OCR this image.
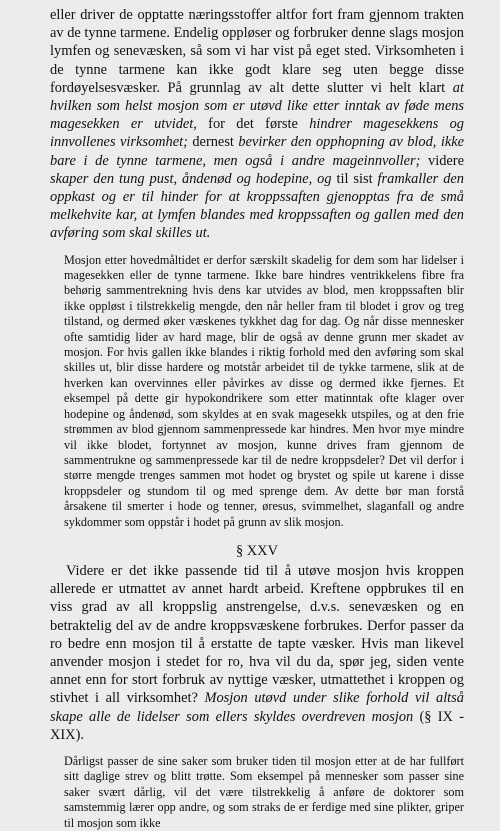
eller driver de opptatte næringsstoffer altfor fort fram gjennom trakten av de tynne tarmene. Endelig oppløser og forbruker denne slags mosjon lymfen og senevæsken, så som vi har vist på eget sted. Virksomheten i de tynne tarmene kan ikke godt klare seg uten begge disse fordøyelsesvæsker. På grunnlag av alt dette slutter vi helt klart at hvilken som helst mosjon som er utøvd like etter inntak av føde mens magesekken er utvidet, for det første hindrer magesekkens og innvollenes virksomhet; dernest bevirker den opphopning av blod, ikke bare i de tynne tarmene, men også i andre mageinnvoller; videre skaper den tung pust, åndenød og hodepine, og til sist framkaller den oppkast og er til hinder for at kroppssaften gjenopptas fra de små melkehvite kar, at lymfen blandes med kroppssaften og gallen med den avføring som skal skilles ut.

Mosjon etter hovedmåltidet er derfor særskilt skadelig for dem som har lidelser i magesekken eller de tynne tarmene. Ikke bare hindres ventrikkelens fibre fra behørig sammentrekning hvis dens kar utvides av blod, men kroppssaften blir ikke oppløst i tilstrekkelig mengde, den når heller fram til blodet i grov og treg tilstand, og dermed øker væskenes tykkhet dag for dag. Og når disse mennesker ofte samtidig lider av hard mage, blir de også av denne grunn mer skadet av mosjon. For hvis gallen ikke blandes i riktig forhold med den avføring som skal skilles ut, blir disse hardere og motstår arbeidet til de tykke tarmene, slik at de hverken kan overvinnes eller påvirkes av disse og dermed ikke fjernes. Et eksempel på dette gir hypokondrikere som etter matinntak ofte klager over hodepine og åndenød, som skyldes at en svak magesekk utspiles, og at den frie strømmen av blod gjennom sammenpressede kar hindres. Men hvor mye mindre vil ikke blodet, fortynnet av mosjon, kunne drives fram gjennom de sammentrukne og sammenpressede kar til de nedre kroppsdeler? Det vil derfor i større mengde trenges sammen mot hodet og brystet og spile ut karene i disse kroppsdeler og stundom til og med sprenge dem. Av dette bør man forstå årsakene til smerter i hode og tenner, øresus, svimmelhet, slaganfall og andre sykdommer som oppstår i hodet på grunn av slik mosjon.

§ XXV

Videre er det ikke passende tid til å utøve mosjon hvis kroppen allerede er utmattet av annet hardt arbeid. Kreftene oppbrukes til en viss grad av all kroppslig anstrengelse, d.v.s. senevæsken og en betraktelig del av de andre kroppsvæskene forbrukes. Derfor passer da ro bedre enn mosjon til å erstatte de tapte væsker. Hvis man likevel anvender mosjon i stedet for ro, hva vil du da, spør jeg, siden vente annet enn for stort forbruk av nyttige væsker, utmattethet i kroppen og stivhet i all virksomhet? Mosjon utøvd under slike forhold vil altså skape alle de lidelser som ellers skyldes overdreven mosjon (§ IX - XIX).

Dårligst passer de sine saker som bruker tiden til mosjon etter at de har fullført sitt daglige strev og blitt trøtte. Som eksempel på mennesker som passer sine saker svært dårlig, vil det være tilstrekkelig å anføre de doktorer som samstemmig lærer opp andre, og som straks de er ferdige med sine plikter, griper til mosjon som ikke
